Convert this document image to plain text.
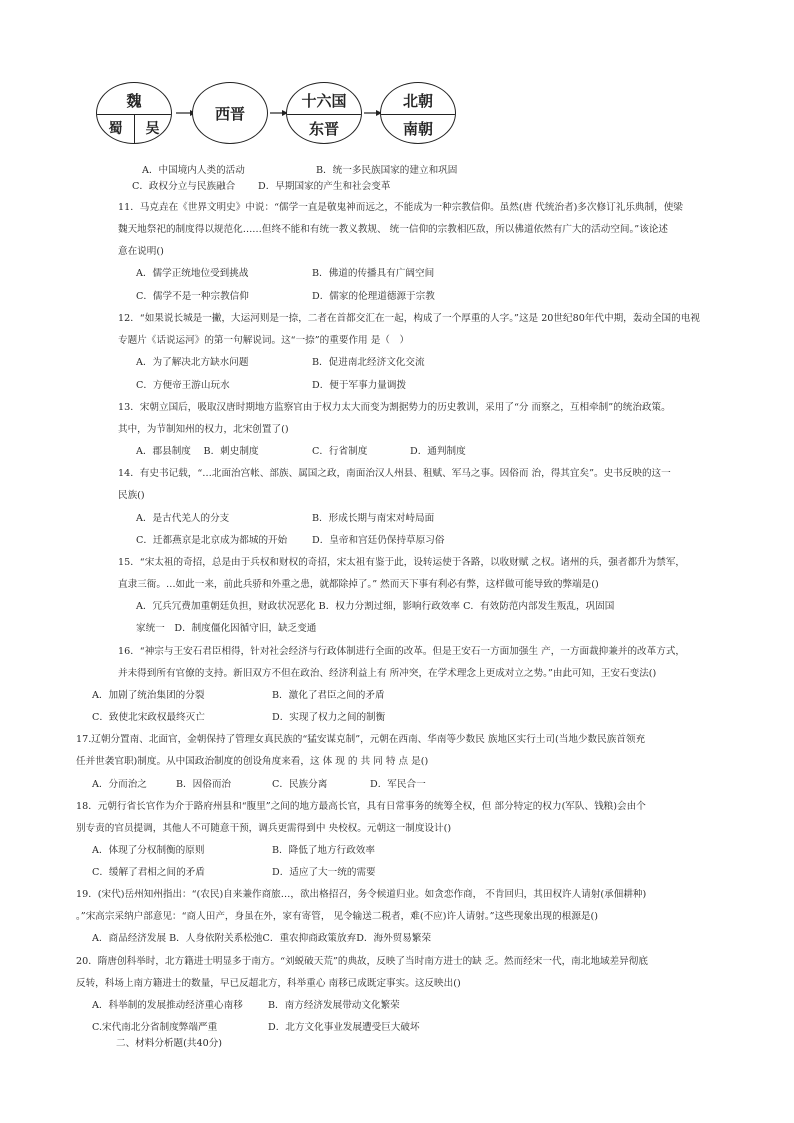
魏
蜀	吴
西晋
十六国
东晋
北朝
南朝
A．中国境内人类的活动	B．统一多民族国家的建立和巩固
C．政权分立与民族融合 D．早期国家的产生和社会变革
11．马克垚在《世界文明史》中说：“儒学一直是敬鬼神而远之，不能成为一种宗教信仰。虽然(唐 代统治者)多次修订礼乐典制，使梁
魏天地祭祀的制度得以规范化……但终不能和有统一教义教规、 统一信仰的宗教相匹敌，所以佛道依然有广大的活动空间。”该论述
意在说明()
A．儒学正统地位受到挑战	B．佛道的传播具有广阔空间
C．儒学不是一种宗教信仰	D．儒家的伦理道德源于宗教
12．“如果说长城是一撇，大运河则是一捺，二者在首都交汇在一起，构成了一个厚重的人字。”这是 20世纪80年代中期，轰动全国的电视
专题片《话说运河》的第一句解说词。这“一捺”的重要作用 是（　）
A．为了解决北方缺水问题	B．促进南北经济文化交流
C．方便帝王游山玩水	D．便于军事力量调拨
13．宋朝立国后，吸取汉唐时期地方监察官由于权力太大而变为割据势力的历史教训，采用了“分 而察之，互相牵制”的统治政策。
其中，为节制知州的权力，北宋创置了()
A．郡县制度　 B．刺史制度	C．行省制度	D．通判制度
14．有史书记载，“…北面治宫帐、部族、属国之政，南面治汉人州县、租赋、军马之事。因俗而 治，得其宜矣”。史书反映的这一
民族()
A．是古代羌人的分支	B．形成长期与南宋对峙局面
C．迁都燕京是北京成为都城的开始	D．皇帝和宫廷仍保持草原习俗
15．“宋太祖的奇招，总是由于兵权和财权的奇招，宋太祖有鉴于此，设转运使于各路，以收财赋 之权。诸州的兵，强者都升为禁军，
直隶三衙。…如此一来，前此兵骄和外重之患，就都除掉了。” 然而天下事有利必有弊，这样做可能导致的弊端是()
A．冗兵冗费加重朝廷负担，财政状况恶化 B．权力分割过细，影响行政效率 C．有效防范内部发生叛乱，巩固国
家统一　D．制度僵化因循守旧，缺乏变通
16．“神宗与王安石君臣相得，针对社会经济与行政体制进行全面的改革。但是王安石一方面加强生 产，一方面裁抑兼并的改革方式，
并未得到所有官僚的支持。新旧双方不但在政治、经济利益上有 所冲突，在学术理念上更成对立之势。”由此可知，王安石变法()
A．加剧了统治集团的分裂	B．激化了君臣之间的矛盾
C．致使北宋政权最终灭亡	D．实现了权力之间的制衡
17.辽朝分置南、北面官，金朝保持了管理女真民族的“猛安谋克制”，元朝在西南、华南等少数民 族地区实行土司(当地少数民族首领充
任并世袭官职)制度。从中国政治制度的创设角度来看，这 体 现 的 共 同 特 点 是()
A．分而治之	B．因俗而治	C．民族分离	D．军民合一
18．元朝行省长官作为介于路府州县和“腹里”之间的地方最高长官，具有日常事务的统筹全权，但 部分特定的权力(军队、钱粮)会由个
别专责的官员提调，其他人不可随意干预，调兵更需得到中 央校权。元朝这一制度设计()
A．体现了分权制衡的原则	B．降低了地方行政效率
C．缓解了君相之间的矛盾	D．适应了大一统的需要
19．(宋代)岳州知州指出：“(农民)自来兼作商旅…，欲出格招召，务令候道归业。如贪恋作商， 不肯回归，其田权许人请射(承佃耕种)
。”宋高宗采纳户部意见：“商人田产，身虽在外，家有寄管， 见令输送二税者，难(不应)许人请射。”这些现象出现的根源是()
A．商品经济发展 B．人身依附关系松弛C．重农抑商政策放弃D．海外贸易繁荣
20．隋唐创科举时，北方籍进士明显多于南方。“刘蜕破天荒”的典故，反映了当时南方进士的缺 乏。然而经宋一代，南北地域差异彻底
反转，科场上南方籍进士的数量，早已反超北方，科举重心 南移已成既定事实。这反映出()
A．科举制的发展推动经济重心南移	B．南方经济发展带动文化繁荣
C.宋代南北分省制度弊端严重	D．北方文化事业发展遭受巨大破坏
二、材料分析题(共40分)
